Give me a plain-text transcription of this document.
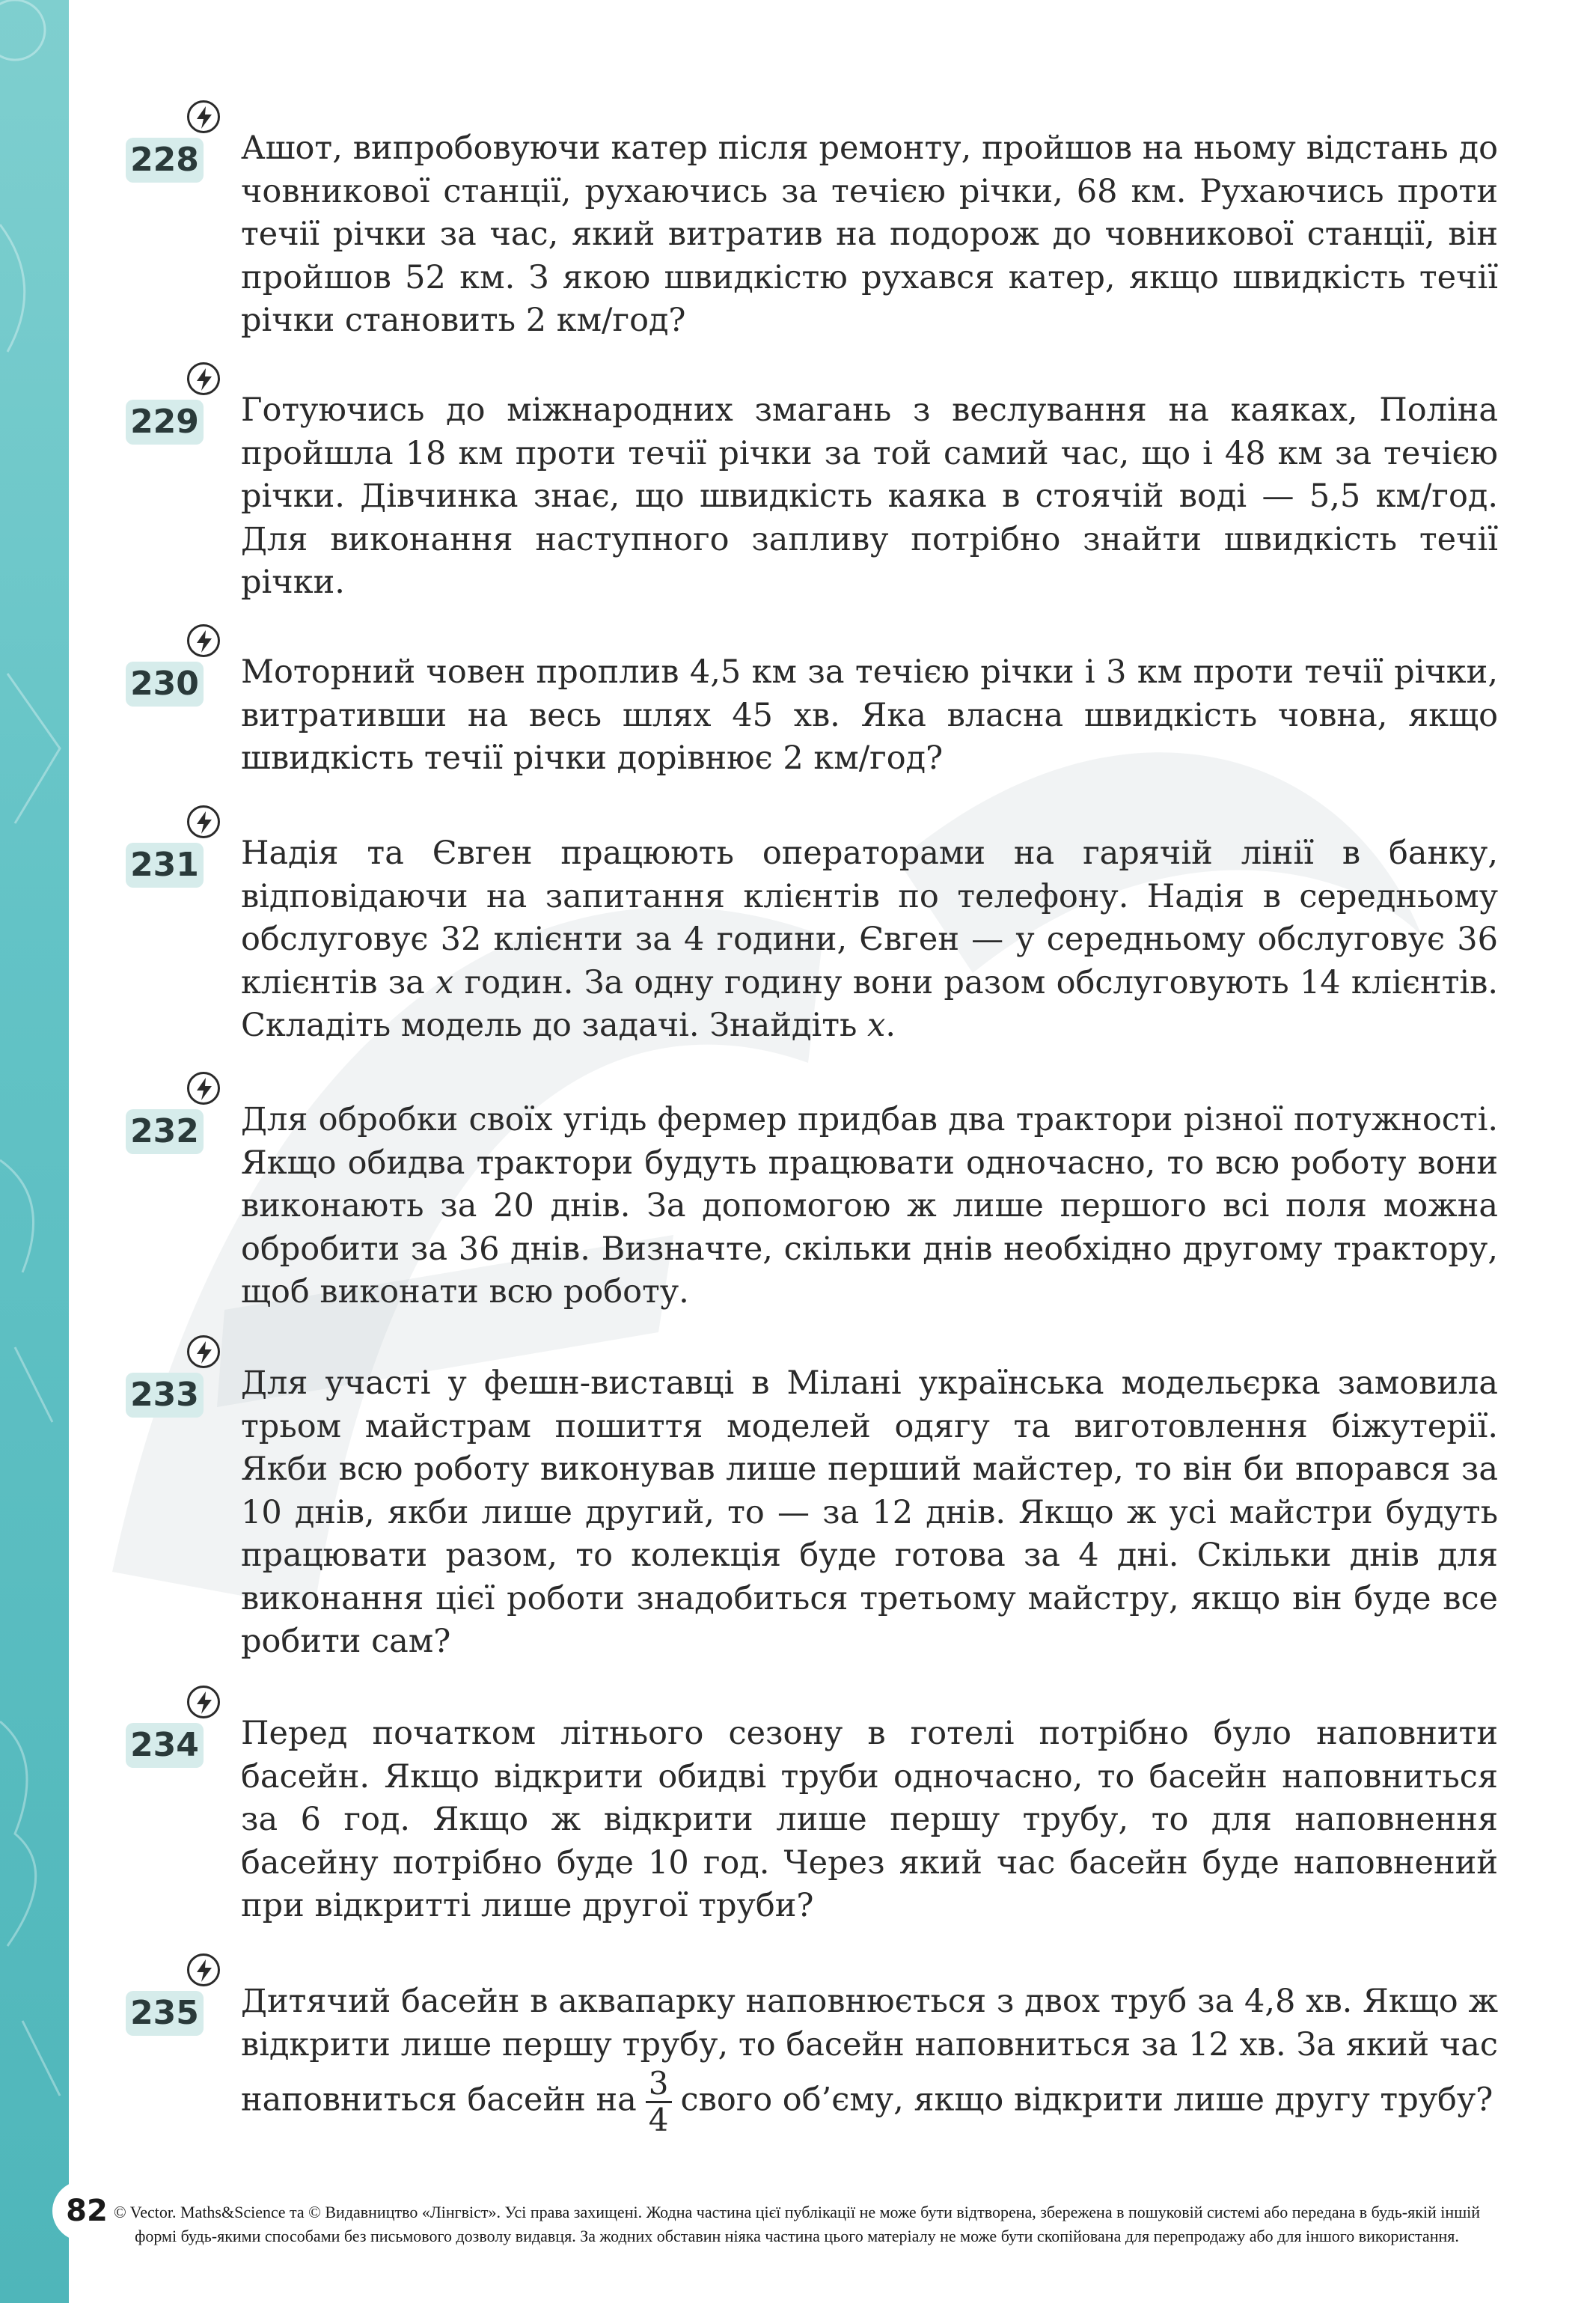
228 Ашот, випробовуючи катер після ремонту, пройшов на ньому відстань до човникової станції, рухаючись за течією річки, 68 км. Рухаючись проти течії річки за час, який витратив на подорож до човникової станції, він пройшов 52 км. З якою швидкістю рухався катер, якщо швидкість течії річки становить 2 км/год?
229 Готуючись до міжнародних змагань з веслування на каяках, Поліна пройшла 18 км проти течії річки за той самий час, що і 48 км за течією річки. Дівчинка знає, що швидкість каяка в стоячій воді — 5,5 км/год. Для виконання наступного запливу потрібно знайти швидкість течії річки.
230 Моторний човен проплив 4,5 км за течією річки і 3 км проти течії річки, витративши на весь шлях 45 хв. Яка власна швидкість човна, якщо швидкість течії річки дорівнює 2 км/год?
231 Надія та Євген працюють операторами на гарячій лінії в банку, відповідаючи на запитання клієнтів по телефону. Надія в середньому обслуговує 32 клієнти за 4 години, Євген — у середньому обслуговує 36 клієнтів за x годин. За одну годину вони разом обслуговують 14 клієнтів. Складіть модель до задачі. Знайдіть x.
232 Для обробки своїх угідь фермер придбав два трактори різної потужності. Якщо обидва трактори будуть працювати одночасно, то всю роботу вони виконають за 20 днів. За допомогою ж лише першого всі поля можна обробити за 36 днів. Визначте, скільки днів необхідно другому трактору, щоб виконати всю роботу.
233 Для участі у фешн-виставці в Мілані українська модельєрка замовила трьом майстрам пошиття моделей одягу та виготовлення біжутерії. Якби всю роботу виконував лише перший майстер, то він би впорався за 10 днів, якби лише другий, то — за 12 днів. Якщо ж усі майстри будуть працювати разом, то колекція буде готова за 4 дні. Скільки днів для виконання цієї роботи знадобиться третьому майстру, якщо він буде все робити сам?
234 Перед початком літнього сезону в готелі потрібно було наповнити басейн. Якщо відкрити обидві труби одночасно, то басейн наповниться за 6 год. Якщо ж відкрити лише першу трубу, то для наповнення басейну потрібно буде 10 год. Через який час басейн буде наповнений при відкритті лише другої труби?
235 Дитячий басейн в аквапарку наповнюється з двох труб за 4,8 хв. Якщо ж відкрити лише першу трубу, то басейн наповниться за 12 хв. За який час наповниться басейн на $\frac{3}{4}$ свого об’єму, якщо відкрити лише другу трубу?
82 © Vector. Maths&Science та © Видавництво «Лінгвіст». Усі права захищені. Жодна частина цієї публікації не може бути відтворена, збережена в пошуковій системі або передана в будь-якій іншій формі будь-якими способами без письмового дозволу видавця. За жодних обставин ніяка частина цього матеріалу не може бути скопійована для перепродажу або для іншого використання.
